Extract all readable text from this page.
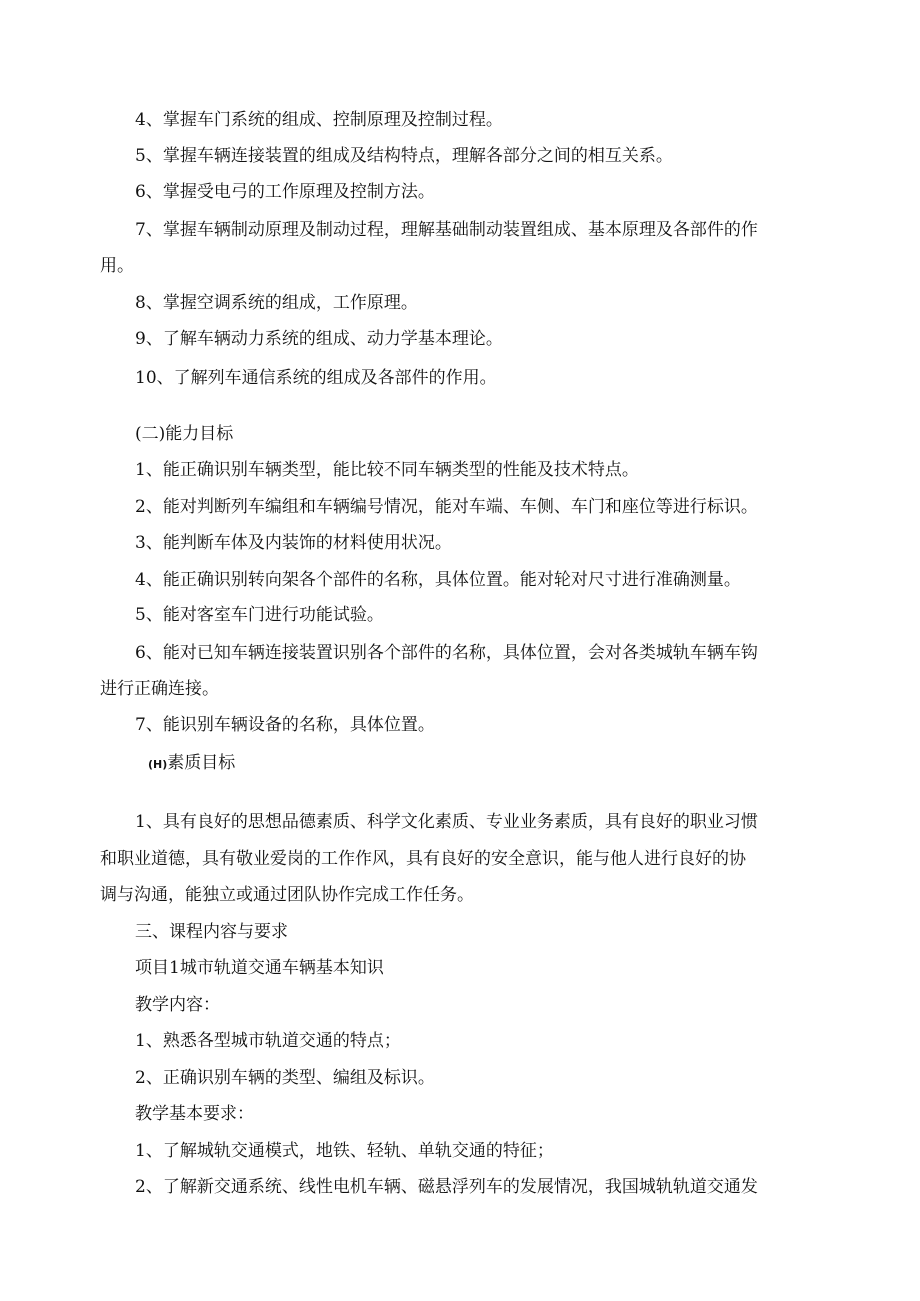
4、掌握车门系统的组成、控制原理及控制过程。
5、掌握车辆连接装置的组成及结构特点，理解各部分之间的相互关系。
6、掌握受电弓的工作原理及控制方法。
7、掌握车辆制动原理及制动过程，理解基础制动装置组成、基本原理及各部件的作
用。
8、掌握空调系统的组成，工作原理。
9、了解车辆动力系统的组成、动力学基本理论。
10、了解列车通信系统的组成及各部件的作用。
(二)能力目标
1、能正确识别车辆类型，能比较不同车辆类型的性能及技术特点。
2、能对判断列车编组和车辆编号情况，能对车端、车侧、车门和座位等进行标识。
3、能判断车体及内装饰的材料使用状况。
4、能正确识别转向架各个部件的名称，具体位置。能对轮对尺寸进行准确测量。
5、能对客室车门进行功能试验。
6、能对已知车辆连接装置识别各个部件的名称，具体位置，会对各类城轨车辆车钩
进行正确连接。
7、能识别车辆设备的名称，具体位置。
(H)素质目标
1、具有良好的思想品德素质、科学文化素质、专业业务素质，具有良好的职业习惯
和职业道德，具有敬业爱岗的工作作风，具有良好的安全意识，能与他人进行良好的协
调与沟通，能独立或通过团队协作完成工作任务。
三、课程内容与要求
项目1城市轨道交通车辆基本知识
教学内容：
1、熟悉各型城市轨道交通的特点；
2、正确识别车辆的类型、编组及标识。
教学基本要求：
1、了解城轨交通模式，地铁、轻轨、单轨交通的特征；
2、了解新交通系统、线性电机车辆、磁悬浮列车的发展情况，我国城轨轨道交通发
